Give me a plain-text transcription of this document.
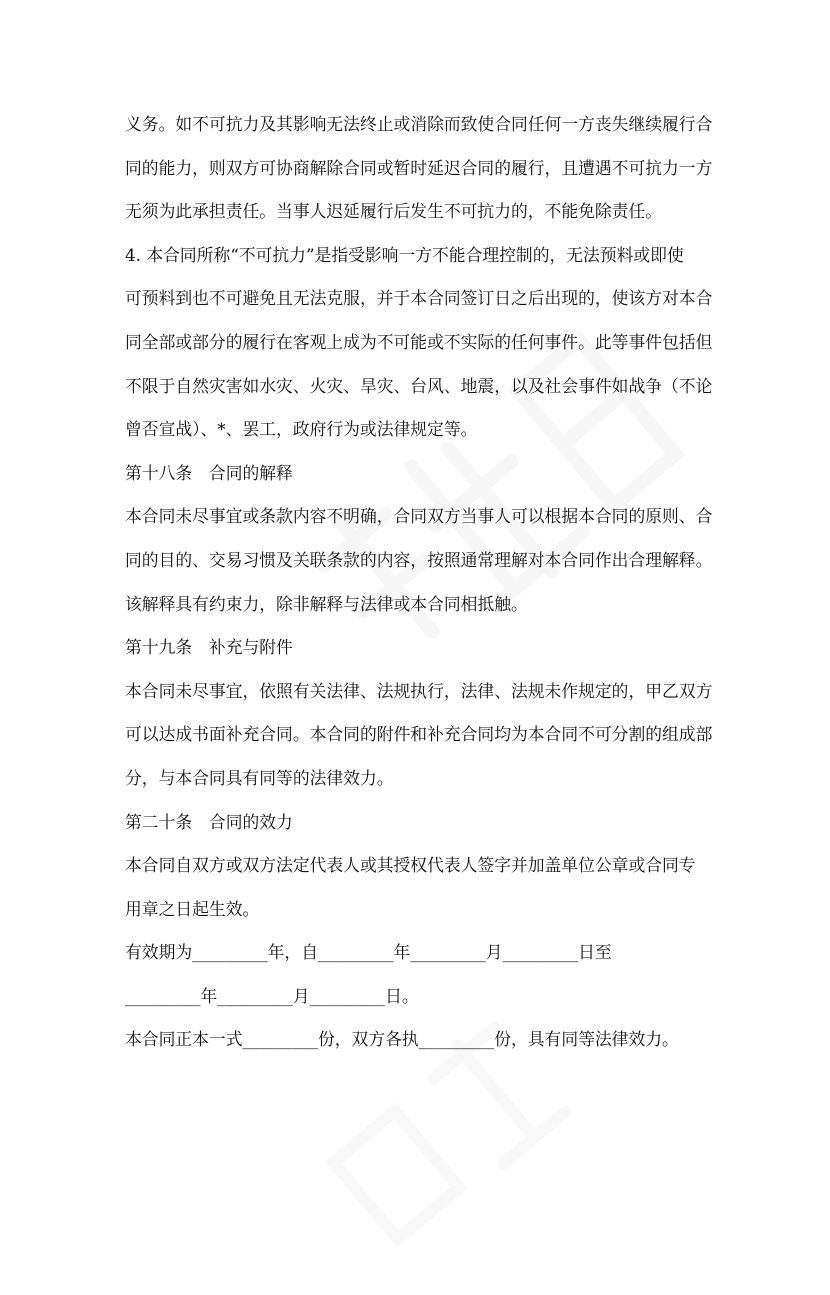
义务。如不可抗力及其影响无法终止或消除而致使合同任何一方丧失继续履行合
同的能力，则双方可协商解除合同或暂时延迟合同的履行，且遭遇不可抗力一方
无须为此承担责任。当事人迟延履行后发生不可抗力的，不能免除责任。
4. 本合同所称“不可抗力”是指受影响一方不能合理控制的，无法预料或即使
可预料到也不可避免且无法克服，并于本合同签订日之后出现的，使该方对本合
同全部或部分的履行在客观上成为不可能或不实际的任何事件。此等事件包括但
不限于自然灾害如水灾、火灾、旱灾、台风、地震，以及社会事件如战争（不论
曾否宣战）、*、罢工，政府行为或法律规定等。
第十八条　合同的解释
本合同未尽事宜或条款内容不明确，合同双方当事人可以根据本合同的原则、合
同的目的、交易习惯及关联条款的内容，按照通常理解对本合同作出合理解释。
该解释具有约束力，除非解释与法律或本合同相抵触。
第十九条　补充与附件
本合同未尽事宜，依照有关法律、法规执行，法律、法规未作规定的，甲乙双方
可以达成书面补充合同。本合同的附件和补充合同均为本合同不可分割的组成部
分，与本合同具有同等的法律效力。
第二十条　合同的效力
本合同自双方或双方法定代表人或其授权代表人签字并加盖单位公章或合同专
用章之日起生效。
有效期为_________年，自_________年_________月_________日至
_________年_________月_________日。
本合同正本一式_________份，双方各执_________份，具有同等法律效力。
